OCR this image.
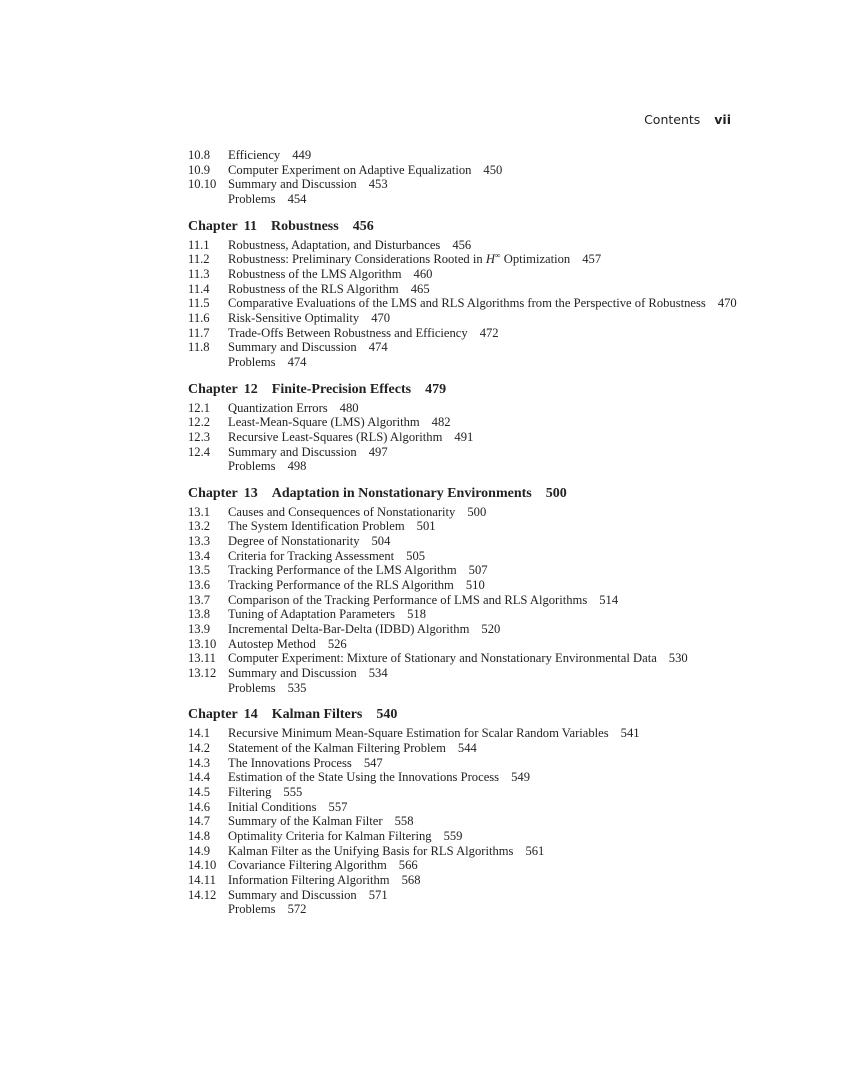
Contents vii
10.8	Efficiency 449
10.9	Computer Experiment on Adaptive Equalization 450
10.10 Summary and Discussion 453
Problems 454
Chapter 11 Robustness 456
11.1	Robustness, Adaptation, and Disturbances 456
11.2	Robustness: Preliminary Considerations Rooted in H∞ Optimization 457
11.3	Robustness of the LMS Algorithm 460
11.4	Robustness of the RLS Algorithm 465
11.5	Comparative Evaluations of the LMS and RLS Algorithms from the Perspective of Robustness 470
11.6	Risk-Sensitive Optimality 470
11.7	Trade-Offs Between Robustness and Efficiency 472
11.8	Summary and Discussion 474
Problems 474
Chapter 12 Finite-Precision Effects 479
12.1	Quantization Errors 480
12.2	Least-Mean-Square (LMS) Algorithm 482
12.3	Recursive Least-Squares (RLS) Algorithm 491
12.4	Summary and Discussion 497
Problems 498
Chapter 13 Adaptation in Nonstationary Environments 500
13.1	Causes and Consequences of Nonstationarity 500
13.2	The System Identification Problem 501
13.3	Degree of Nonstationarity 504
13.4	Criteria for Tracking Assessment 505
13.5	Tracking Performance of the LMS Algorithm 507
13.6	Tracking Performance of the RLS Algorithm 510
13.7	Comparison of the Tracking Performance of LMS and RLS Algorithms 514
13.8	Tuning of Adaptation Parameters 518
13.9	Incremental Delta-Bar-Delta (IDBD) Algorithm 520
13.10 Autostep Method 526
13.11 Computer Experiment: Mixture of Stationary and Nonstationary Environmental Data 530
13.12 Summary and Discussion 534
Problems 535
Chapter 14 Kalman Filters 540
14.1	Recursive Minimum Mean-Square Estimation for Scalar Random Variables 541
14.2	Statement of the Kalman Filtering Problem 544
14.3	The Innovations Process 547
14.4	Estimation of the State Using the Innovations Process 549
14.5	Filtering 555
14.6	Initial Conditions 557
14.7	Summary of the Kalman Filter 558
14.8	Optimality Criteria for Kalman Filtering 559
14.9	Kalman Filter as the Unifying Basis for RLS Algorithms 561
14.10 Covariance Filtering Algorithm 566
14.11 Information Filtering Algorithm 568
14.12 Summary and Discussion 571
Problems 572
